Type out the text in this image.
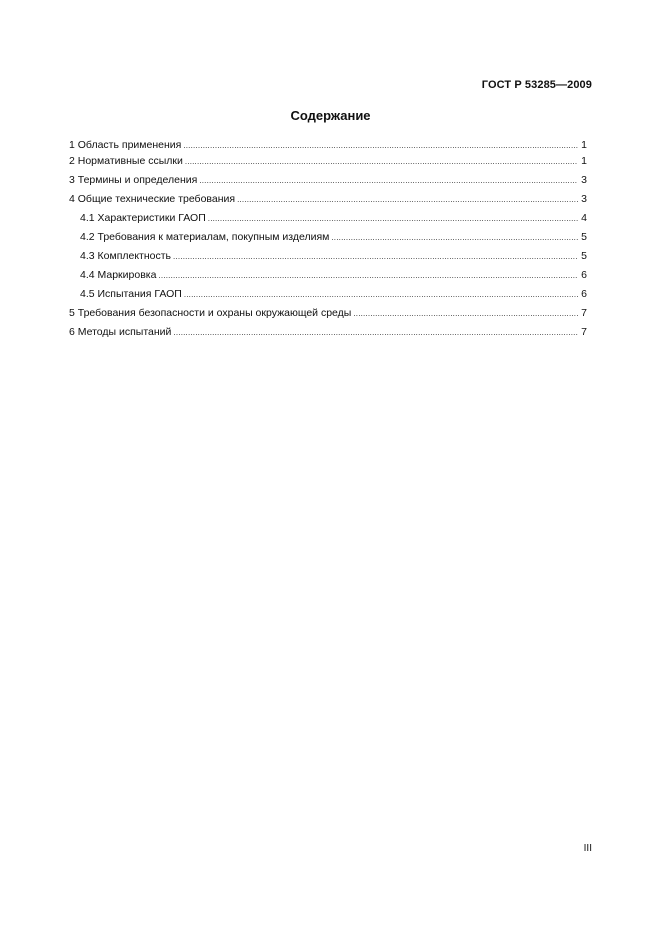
ГОСТ Р 53285—2009
Содержание
1 Область применения .....	1
2 Нормативные ссылки .....	1
3 Термины и определения .....	3
4 Общие технические требования .....	3
4.1 Характеристики ГАОП .....	4
4.2 Требования к материалам, покупным изделиям .....	5
4.3 Комплектность .....	5
4.4 Маркировка .....	6
4.5 Испытания ГАОП .....	6
5 Требования безопасности и охраны окружающей среды .....	7
6 Методы испытаний .....	7
III
